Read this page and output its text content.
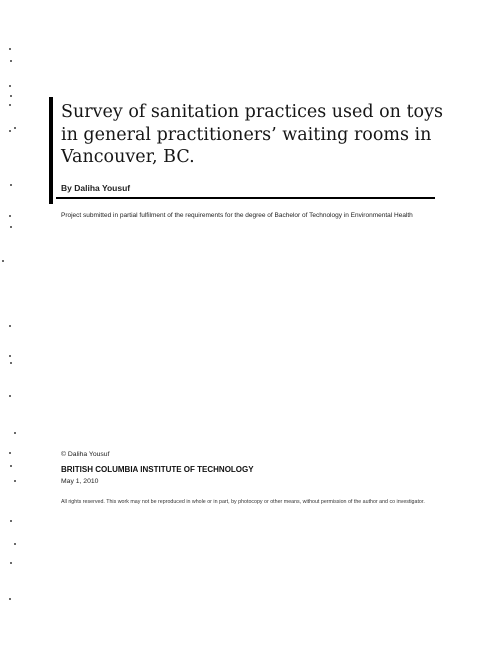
Survey of sanitation practices used on toys in general practitioners’ waiting rooms in Vancouver, BC.
By Daliha Yousuf
Project submitted in partial fulfilment of the requirements for the degree of Bachelor of Technology in Environmental Health
© Daliha Yousuf
BRITISH COLUMBIA INSTITUTE OF TECHNOLOGY
May 1, 2010
All rights reserved. This work may not be reproduced in whole or in part, by photocopy or other means, without permission of the author and co investigator.
